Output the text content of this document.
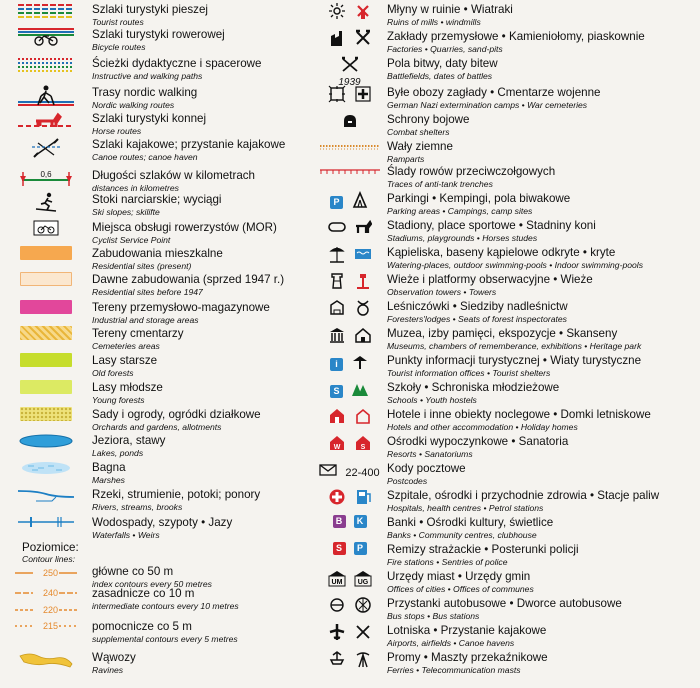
Szlaki turystyki pieszej
Tourist routes
Szlaki turystyki rowerowej
Bicycle routes
Ścieżki dydaktyczne i spacerowe
Instructive and walking paths
Trasy nordic walking
Nordic walking routes
Szlaki turystyki konnej
Horse routes
Szlaki kajakowe; przystanie kajakowe
Canoe routes; canoe haven
0,6	Długości szlaków w kilometrach
distances in kilometres
Stoki narciarskie; wyciągi
Ski slopes; skilifte
Miejsca obsługi rowerzystów (MOR)
Cyclist Service Point
Zabudowania mieszkalne
Residential sites (present)
Dawne zabudowania (sprzed 1947 r.)
Residential sites before 1947
Tereny przemysłowo-magazynowe
Industrial and storage areas
Tereny cmentarzy
Cemeteries areas
Lasy starsze
Old forests
Lasy młodsze
Young forests
Sady i ogrody, ogródki działkowe
Orchards and gardens, allotments
Jeziora, stawy
Lakes, ponds
Bagna
Marshes
Rzeki, strumienie, potoki; ponory
Rivers, streams, brooks
Wodospady, szypoty • Jazy
Waterfalls • Weirs
Młyny w ruinie • Wiatraki
Ruins of mills • windmills
Zakłady przemysłowe • Kamieniołomy, piaskownie
Factories • Quarries, sand-pits
1939
Pola bitwy, daty bitew
Battlefields, dates of battles
Byłe obozy zagłady • Cmentarze wojenne
German Nazi extermination camps • War cemeteries
Schrony bojowe
Combat shelters
Wały ziemne
Ramparts
Ślady rowów przeciwczołgowych
Traces of anti-tank trenches
P	Parkingi • Kempingi, pola biwakowe
Parking areas • Campings, camp sites
Stadiony, place sportowe • Stadniny koni
Stadiums, playgrounds • Horses studes
Kąpieliska, baseny kąpielowe odkryte • kryte
Watering-places, outdoor swimming-pools • Indoor swimming-pools
Wieże i platformy obserwacyjne • Wieże
Observation towers • Towers
Leśniczówki • Siedziby nadleśnictw
Foresters'lodges • Seats of forest inspectorates
Muzea, izby pamięci, ekspozycje • Skanseny
Museums, chambers of rememberance, exhibitions • Heritage park
i	Punkty informacji turystycznej • Wiaty turystyczne
Tourist information offices • Tourist shelters
S	Szkoły • Schroniska młodzieżowe
Schools • Youth hostels
Hotele i inne obiekty noclegowe • Domki letniskowe
Hotels and other accommodation • Holiday homes
W	S Ośrodki wypoczynkowe • Sanatoria
Resorts • Sanatoriums
22-400 Kody pocztowe
Postcodes
Szpitale, ośrodki i przychodnie zdrowia • Stacje paliw
Hospitals, health centres • Petrol stations
B	K Banki • Ośrodki kultury, świetlice
Banks • Community centres, clubhouse
S	P	Remizy strażackie • Posterunki policji
Fire stations • Sentries of police
UM UG Urzędy miast • Urzędy gmin
Offices of cities • Offices of communes
Przystanki autobusowe • Dworce autobusowe
Bus stops • Bus stations
Lotniska • Przystanie kajakowe
Airports, airfields • Canoe havens
Promy • Maszty przekaźnikowe
Ferries • Telecommunication masts
Poziomice:
Contour lines:
250	główne co 50 m
index contours every 50 metres
240	zasadnicze co 10 m
intermediate contours every 10 metres
220
215	pomocnicze co 5 m
supplemental contours every 5 metres
Wąwozy
Ravines
